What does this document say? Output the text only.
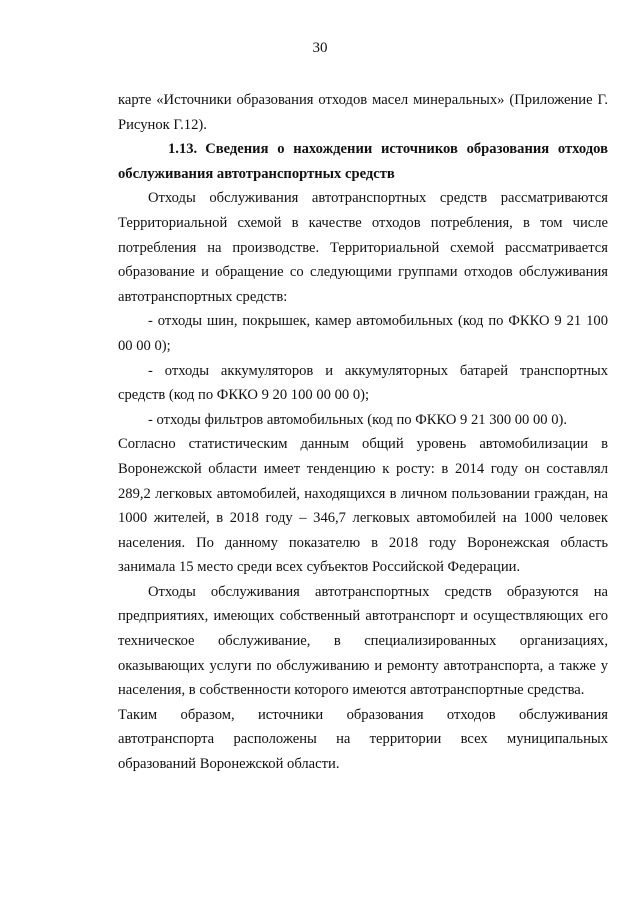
30

карте «Источники образования отходов масел минеральных» (Приложение Г. Рисунок Г.12).

1.13. Сведения о нахождении источников образования отходов обслуживания автотранспортных средств

Отходы обслуживания автотранспортных средств рассматриваются Территориальной схемой в качестве отходов потребления, в том числе потребления на производстве. Территориальной схемой рассматривается образование и обращение со следующими группами отходов обслуживания автотранспортных средств:

- отходы шин, покрышек, камер автомобильных (код по ФККО 9 21 100 00 00 0);

- отходы аккумуляторов и аккумуляторных батарей транспортных средств (код по ФККО 9 20 100 00 00 0);

- отходы фильтров автомобильных (код по ФККО 9 21 300 00 00 0).

Согласно статистическим данным общий уровень автомобилизации в Воронежской области имеет тенденцию к росту: в 2014 году он составлял 289,2 легковых автомобилей, находящихся в личном пользовании граждан, на 1000 жителей, в 2018 году – 346,7 легковых автомобилей на 1000 человек населения. По данному показателю в 2018 году Воронежская область занимала 15 место среди всех субъектов Российской Федерации.

Отходы обслуживания автотранспортных средств образуются на предприятиях, имеющих собственный автотранспорт и осуществляющих его техническое обслуживание, в специализированных организациях, оказывающих услуги по обслуживанию и ремонту автотранспорта, а также у населения, в собственности которого имеются автотранспортные средства.

Таким образом, источники образования отходов обслуживания автотранспорта расположены на территории всех муниципальных образований Воронежской области.
